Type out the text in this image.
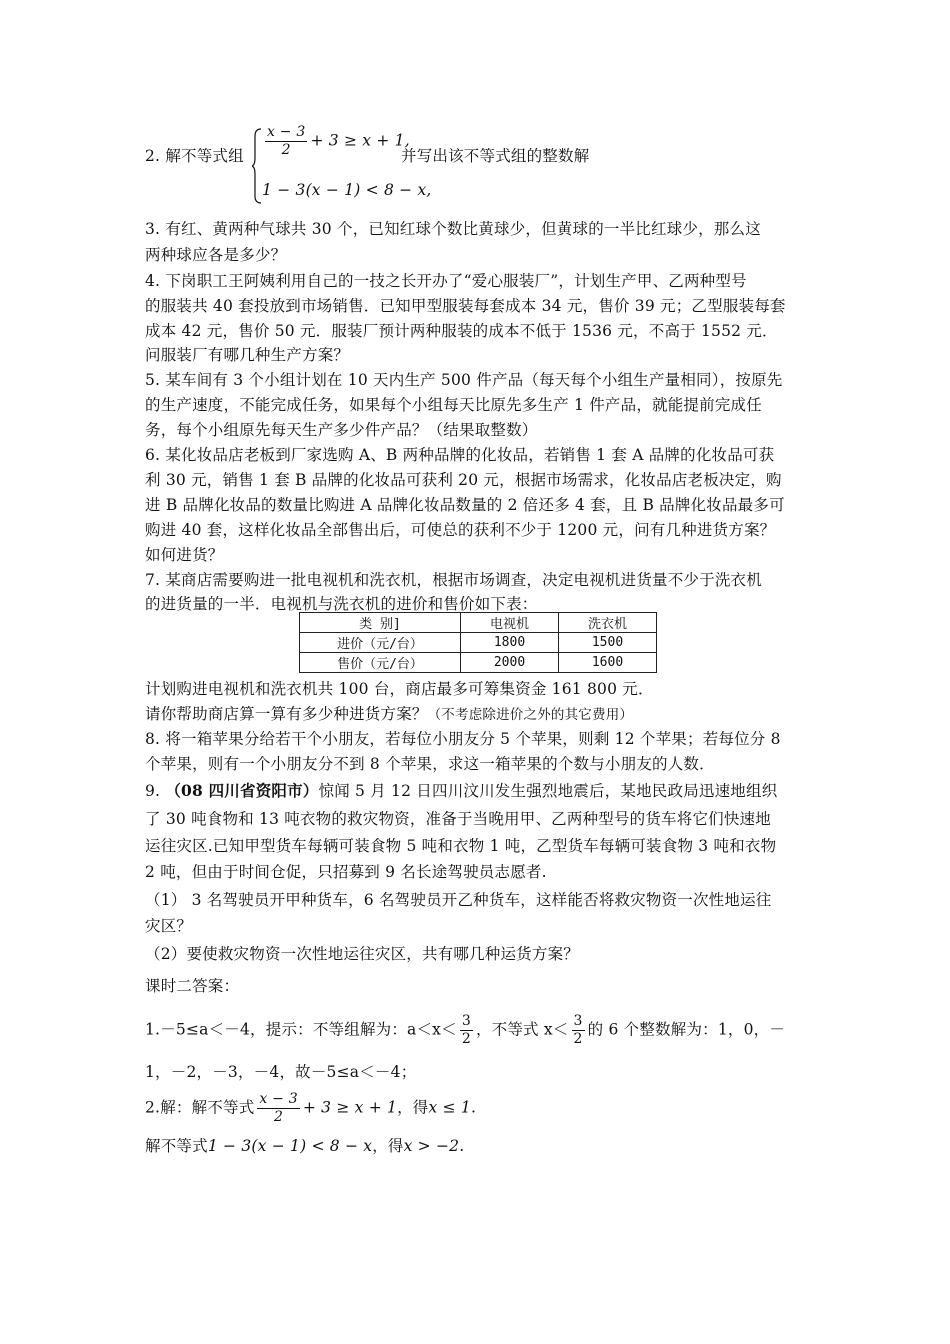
2. 解不等式组 $\frac{x - 3}{2} + 3 \ge x + 1$,
1 − 3(x − 1) < 8 − x,
并写出该不等式组的整数解
3. 有红、黄两种气球共 30 个，已知红球个数比黄球少，但黄球的一半比红球少，那么这
两种球应各是多少？
4. 下岗职工王阿姨利用自己的一技之长开办了“爱心服装厂”，计划生产甲、乙两种型号
的服装共 40 套投放到市场销售．已知甲型服装每套成本 34 元，售价 39 元；乙型服装每套
成本 42 元，售价 50 元．服装厂预计两种服装的成本不低于 1536 元，不高于 1552 元．
问服装厂有哪几种生产方案？
5. 某车间有 3 个小组计划在 10 天内生产 500 件产品（每天每个小组生产量相同），按原先
的生产速度，不能完成任务，如果每个小组每天比原先多生产 1 件产品，就能提前完成任
务，每个小组原先每天生产多少件产品？（结果取整数）
6. 某化妆品店老板到厂家选购 A、B 两种品牌的化妆品，若销售 1 套 A 品牌的化妆品可获
利 30 元，销售 1 套 B 品牌的化妆品可获利 20 元，根据市场需求，化妆品店老板决定，购
进 B 品牌化妆品的数量比购进 A 品牌化妆品数量的 2 倍还多 4 套，且 B 品牌化妆品最多可
购进 40 套，这样化妆品全部售出后，可使总的获利不少于 1200 元，问有几种进货方案？
如何进货？
7. 某商店需要购进一批电视机和洗衣机，根据市场调查，决定电视机进货量不少于洗衣机
的进货量的一半．电视机与洗衣机的进价和售价如下表：
类 别]	电视机	洗衣机
进价（元/台）	1800	1500
售价（元/台）	2000	1600
计划购进电视机和洗衣机共 100 台，商店最多可筹集资金 161 800 元．
请你帮助商店算一算有多少种进货方案？（不考虑除进价之外的其它费用）
8. 将一箱苹果分给若干个小朋友，若每位小朋友分 5 个苹果，则剩 12 个苹果；若每位分 8
个苹果，则有一个小朋友分不到 8 个苹果，求这一箱苹果的个数与小朋友的人数．
9. （08 四川省资阳市）惊闻 5 月 12 日四川汶川发生强烈地震后，某地民政局迅速地组织
了 30 吨食物和 13 吨衣物的救灾物资，准备于当晚用甲、乙两种型号的货车将它们快速地
运往灾区.已知甲型货车每辆可装食物 5 吨和衣物 1 吨，乙型货车每辆可装食物 3 吨和衣物
2 吨，但由于时间仓促，只招募到 9 名长途驾驶员志愿者.
（1） 3 名驾驶员开甲种货车，6 名驾驶员开乙种货车，这样能否将救灾物资一次性地运往
灾区？
（2）要使救灾物资一次性地运往灾区，共有哪几种运货方案？
课时二答案：
1.－5≤a＜－4，提示：不等组解为：$a<x< \frac{3}{2}$ ，不等式 $x< \frac{3}{2}$ 的 6 个整数解为：1，0，－
1，－2，－3，－4，故－5≤a＜－4；
2.解：解不等式 $\frac{x - 3}{2} + 3 \ge x + 1$，得x ≤ 1.
解不等式1 − 3(x − 1) < 8 − x，得x > −2.
